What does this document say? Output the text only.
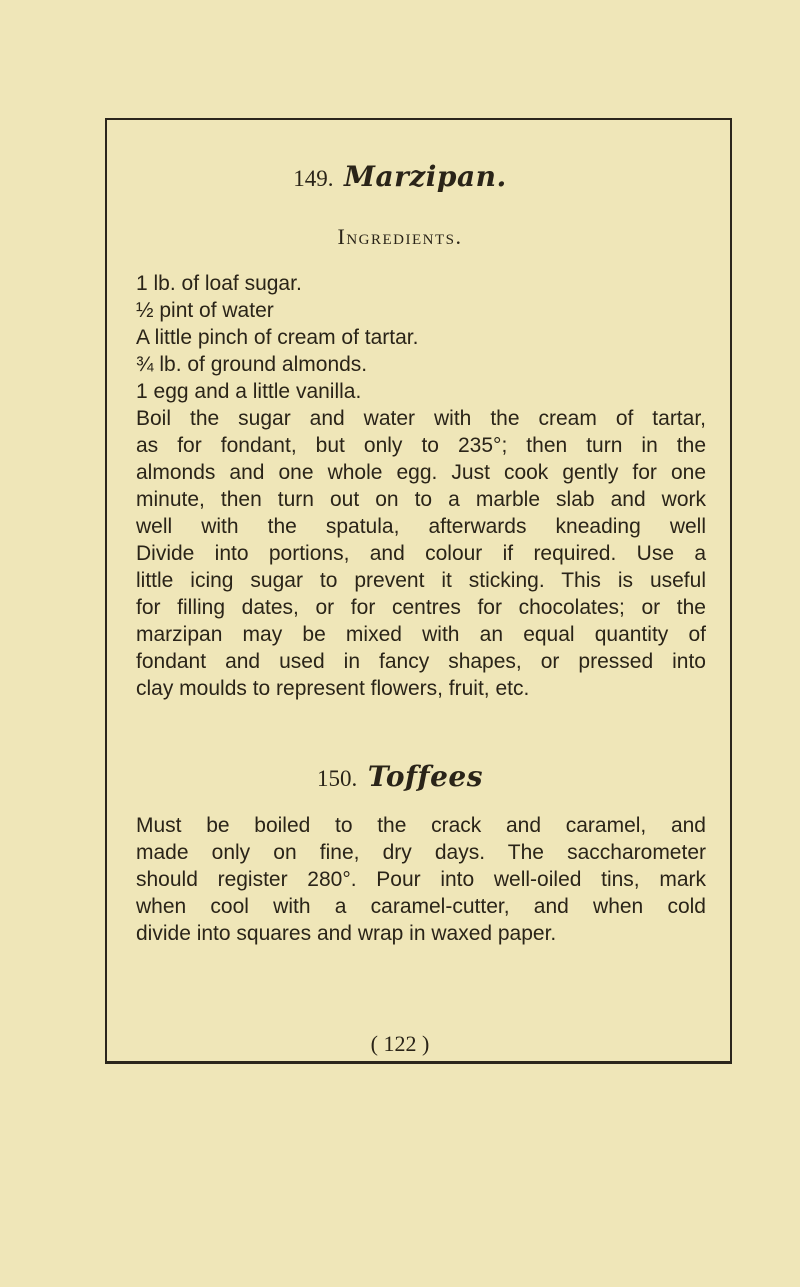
149. Marzipan.
Ingredients.
1 lb. of loaf sugar.
½ pint of water
A little pinch of cream of tartar.
¾ lb. of ground almonds.
1 egg and a little vanilla.
Boil the sugar and water with the cream of tartar,
as for fondant, but only to 235°; then turn in the
almonds and one whole egg. Just cook gently for one
minute, then turn out on to a marble slab and work
well with the spatula, afterwards kneading well
Divide into portions, and colour if required. Use a
little icing sugar to prevent it sticking. This is useful
for filling dates, or for centres for chocolates; or the
marzipan may be mixed with an equal quantity of
fondant and used in fancy shapes, or pressed into
clay moulds to represent flowers, fruit, etc.
150. Toffees
Must be boiled to the crack and caramel, and
made only on fine, dry days. The saccharometer
should register 280°. Pour into well-oiled tins, mark
when cool with a caramel-cutter, and when cold
divide into squares and wrap in waxed paper.
( 122 )
